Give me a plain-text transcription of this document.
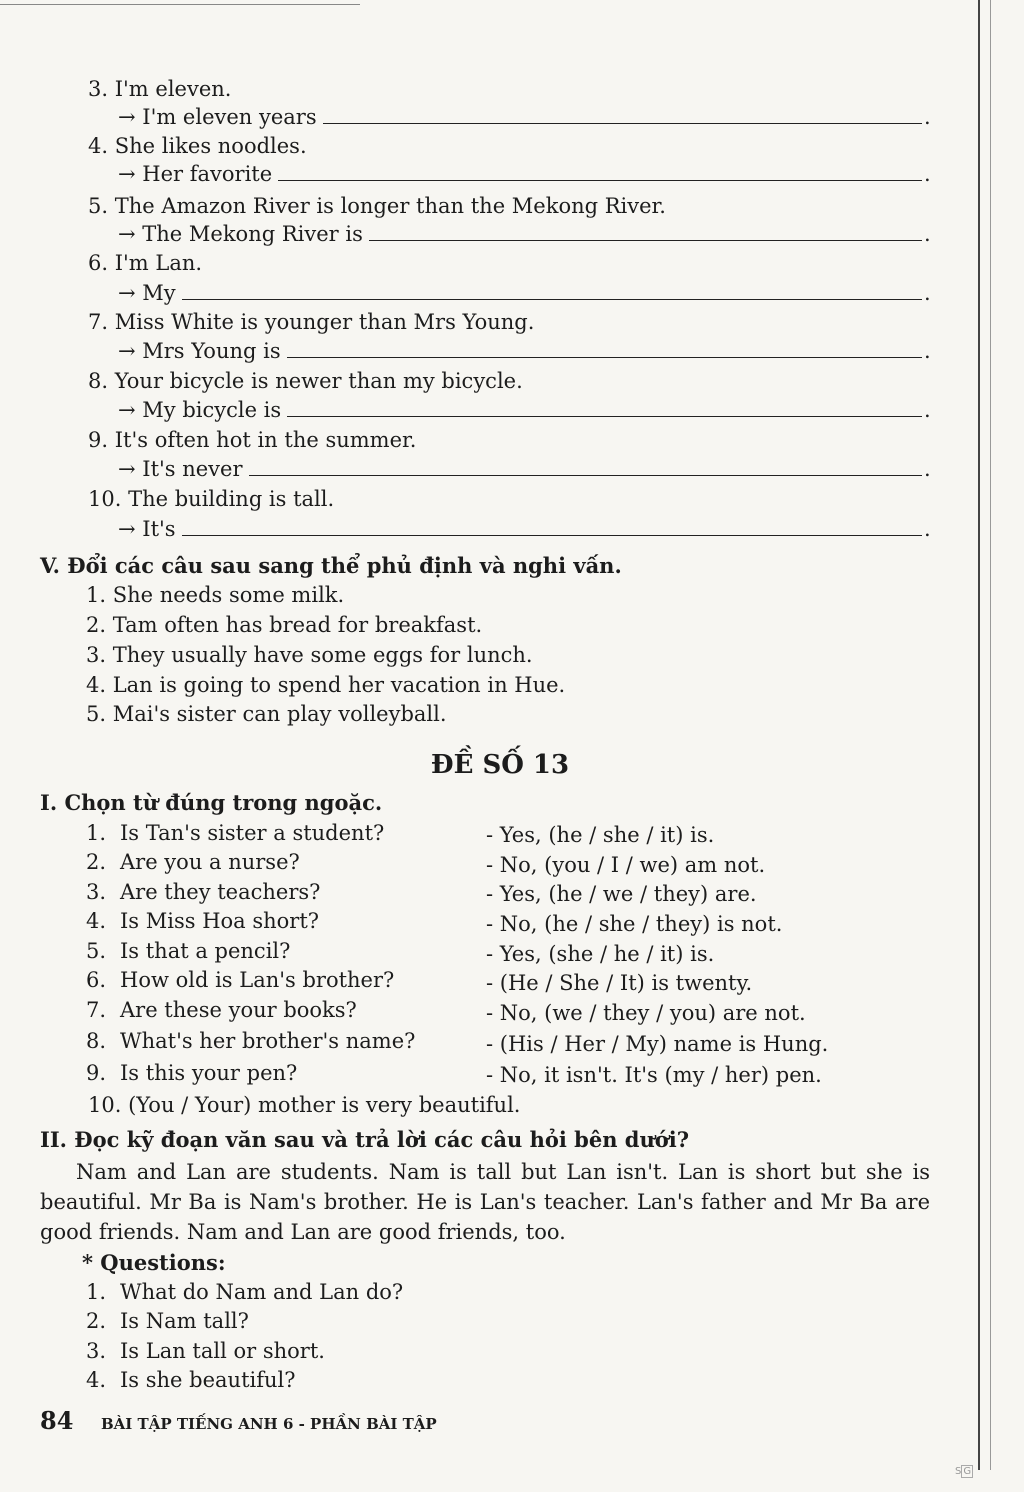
3. I'm eleven.
→ I'm eleven years	.
4. She likes noodles.
→ Her favorite	.
5. The Amazon River is longer than the Mekong River.
→ The Mekong River is	.
6. I'm Lan.
→ My	.
7. Miss White is younger than Mrs Young.
→ Mrs Young is	.
8. Your bicycle is newer than my bicycle.
→ My bicycle is	.
9. It's often hot in the summer.
→ It's never	.
10. The building is tall.
→ It's	.
V. Đổi các câu sau sang thể phủ định và nghi vấn.
1. She needs some milk.
2. Tam often has bread for breakfast.
3. They usually have some eggs for lunch.
4. Lan is going to spend her vacation in Hue.
5. Mai's sister can play volleyball.
ĐỀ SỐ 13
I. Chọn từ đúng trong ngoặc.
1. Is Tan's sister a student?	- Yes, (he / she / it) is.
2. Are you a nurse?	- No, (you / I / we) am not.
3. Are they teachers?	- Yes, (he / we / they) are.
4. Is Miss Hoa short?	- No, (he / she / they) is not.
5. Is that a pencil?	- Yes, (she / he / it) is.
6. How old is Lan's brother?	- (He / She / It) is twenty.
7. Are these your books?	- No, (we / they / you) are not.
8. What's her brother's name?	- (His / Her / My) name is Hung.
9. Is this your pen?	- No, it isn't. It's (my / her) pen.
10. (You / Your) mother is very beautiful.
II. Đọc kỹ đoạn văn sau và trả lời các câu hỏi bên dưới?
Nam and Lan are students. Nam is tall but Lan isn't. Lan is short but she is beautiful. Mr Ba is Nam's brother. He is Lan's teacher. Lan's father and Mr Ba are good friends. Nam and Lan are good friends, too.
* Questions:
1. What do Nam and Lan do?
2. Is Nam tall?
3. Is Lan tall or short.
4. Is she beautiful?
84 BÀI TẬP TIẾNG ANH 6 - PHẦN BÀI TẬP
S G
